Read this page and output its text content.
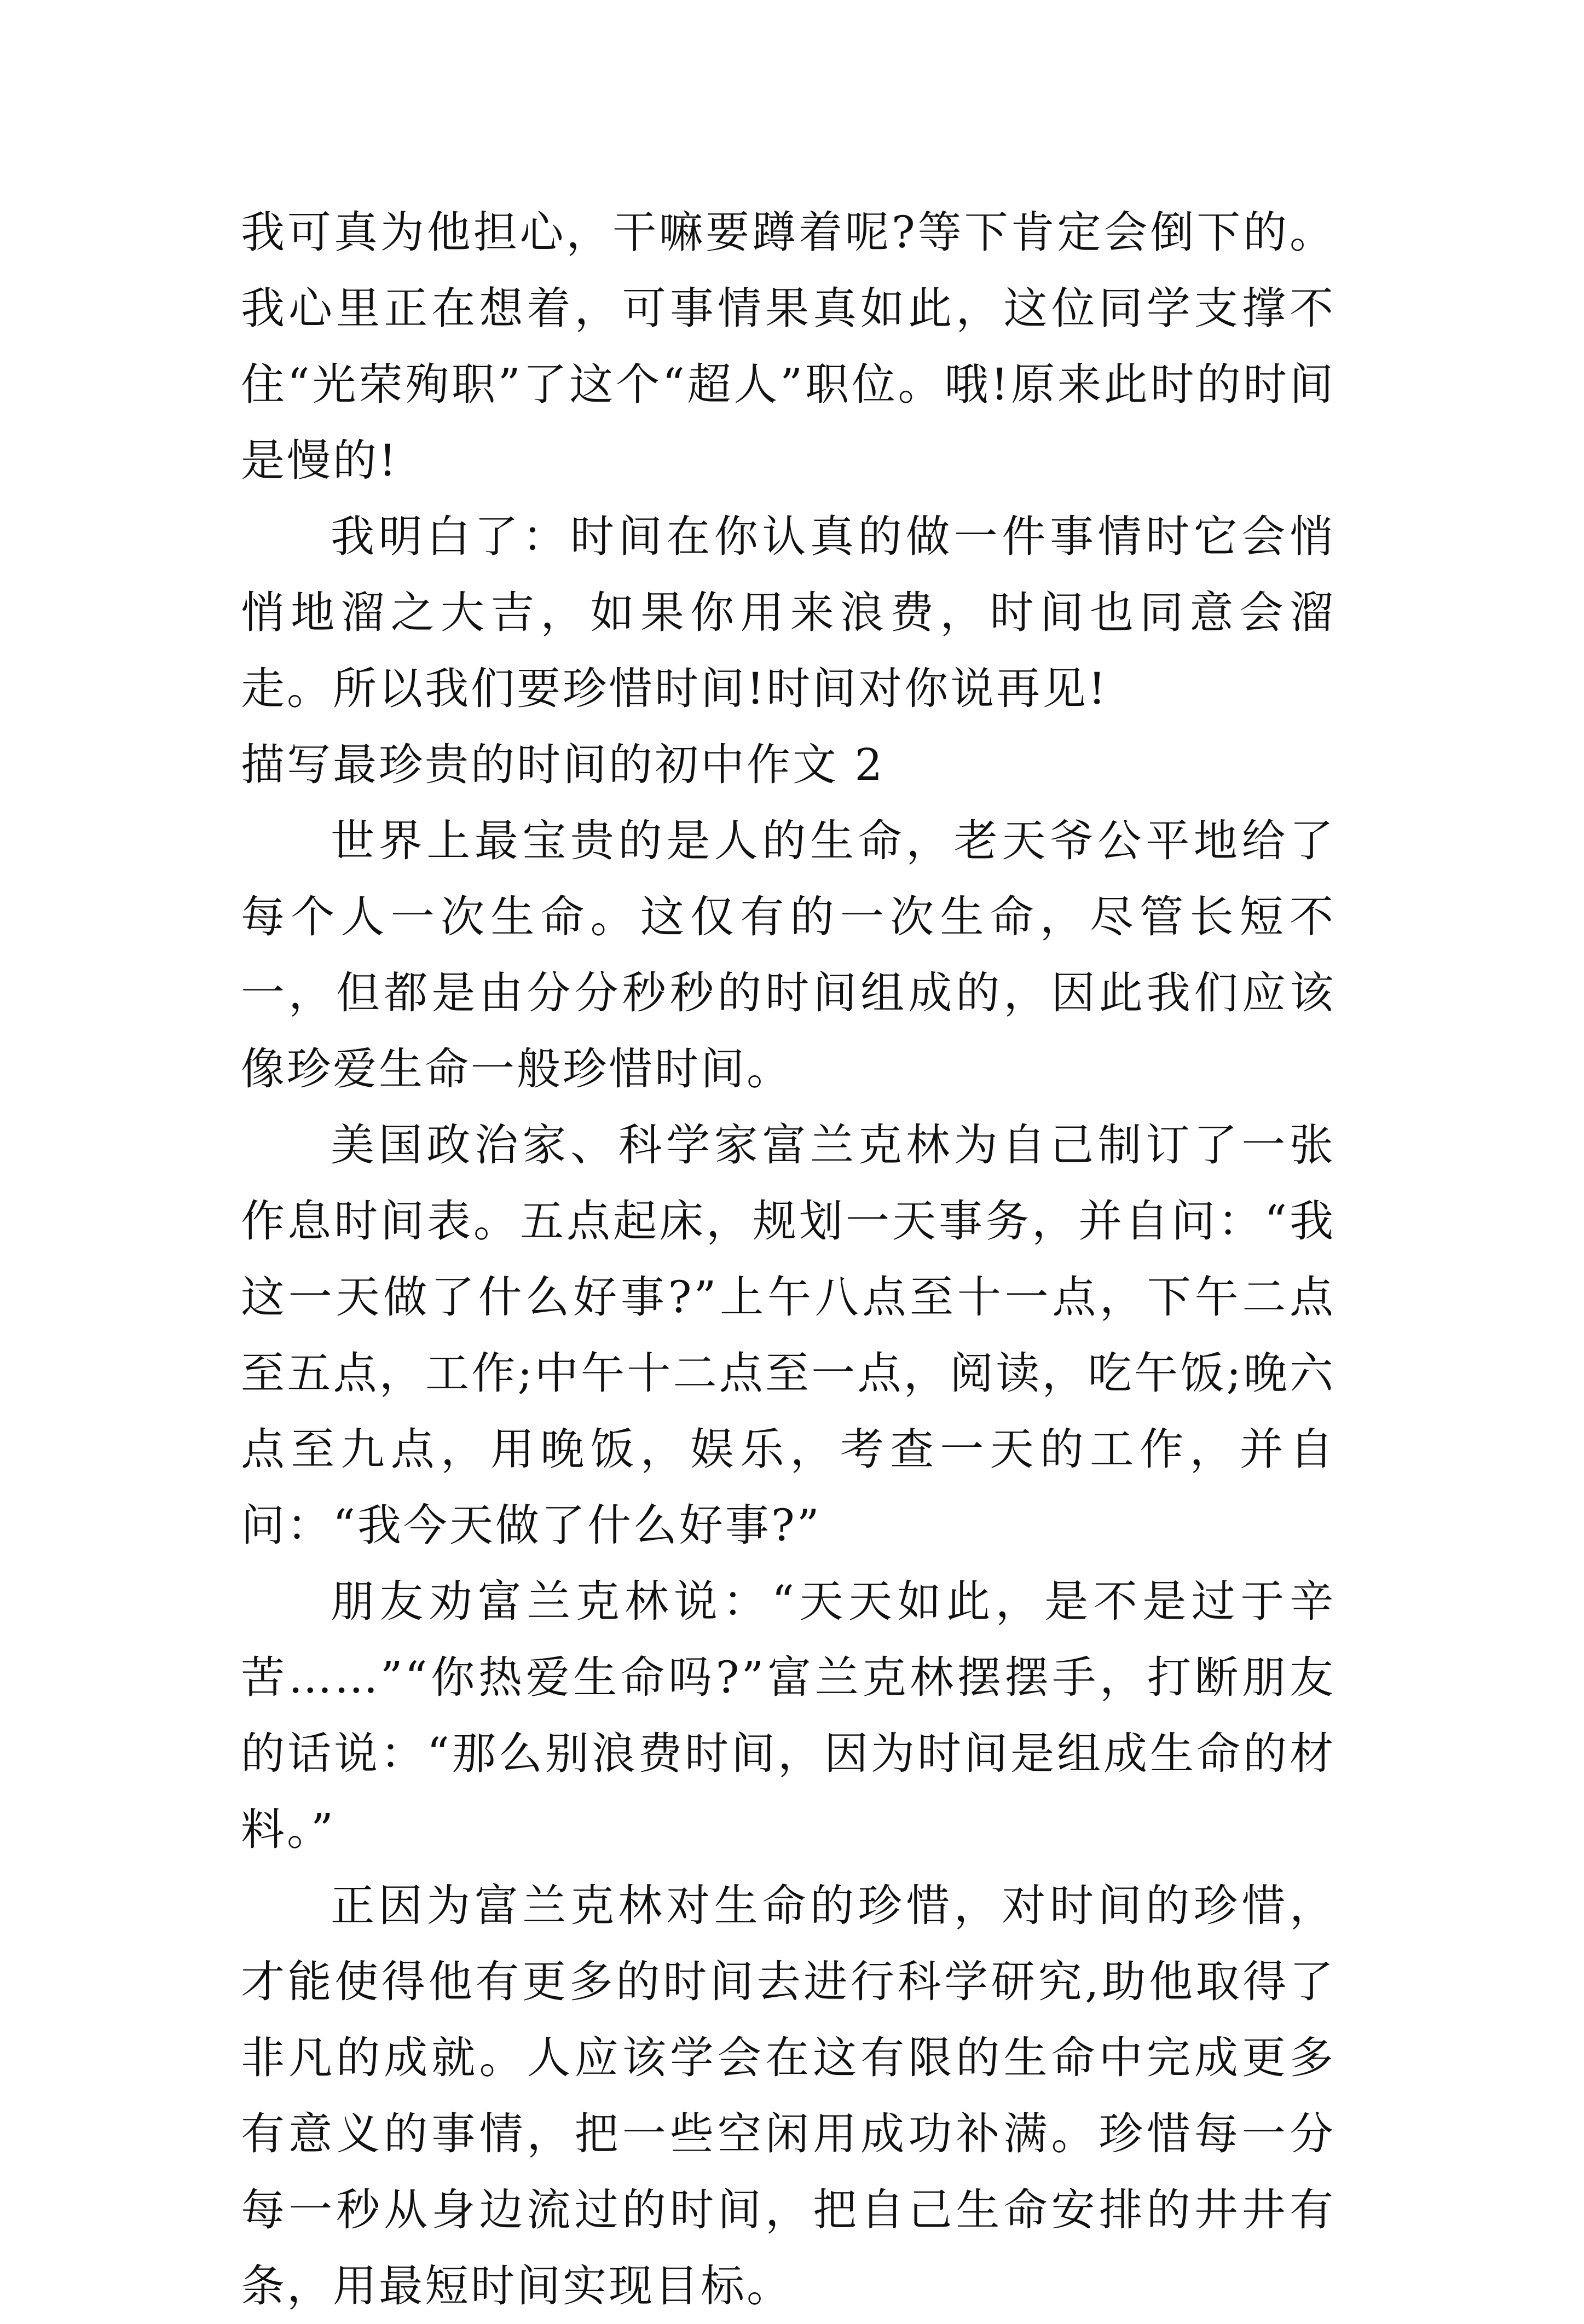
我可真为他担心，干嘛要蹲着呢?等下肯定会倒下的。我心里正在想着，可事情果真如此，这位同学支撑不住“光荣殉职”了这个“超人”职位。哦!原来此时的时间是慢的!

我明白了：时间在你认真的做一件事情时它会悄悄地溜之大吉，如果你用来浪费，时间也同意会溜走。所以我们要珍惜时间!时间对你说再见!

描写最珍贵的时间的初中作文 2

世界上最宝贵的是人的生命，老天爷公平地给了每个人一次生命。这仅有的一次生命，尽管长短不一，但都是由分分秒秒的时间组成的，因此我们应该像珍爱生命一般珍惜时间。

美国政治家、科学家富兰克林为自己制订了一张作息时间表。五点起床，规划一天事务，并自问：“我这一天做了什么好事?”上午八点至十一点，下午二点至五点，工作;中午十二点至一点，阅读，吃午饭;晚六点至九点，用晚饭，娱乐，考查一天的工作，并自问：“我今天做了什么好事?”

朋友劝富兰克林说：“天天如此，是不是过于辛苦……”“你热爱生命吗?”富兰克林摆摆手，打断朋友的话说：“那么别浪费时间，因为时间是组成生命的材料。”

正因为富兰克林对生命的珍惜，对时间的珍惜，才能使得他有更多的时间去进行科学研究,助他取得了非凡的成就。人应该学会在这有限的生命中完成更多有意义的事情，把一些空闲用成功补满。珍惜每一分每一秒从身边流过的时间，把自己生命安排的井井有条，用最短时间实现目标。
